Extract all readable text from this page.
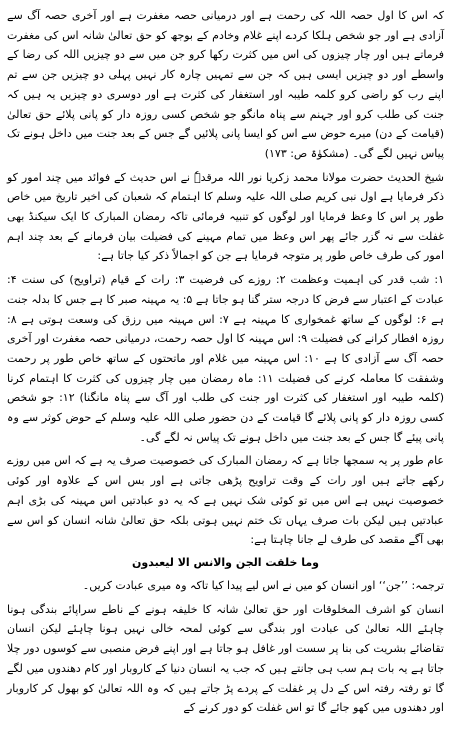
کہ اس کا اول حصہ اللہ کی رحمت ہے اور درمیانی حصہ مغفرت ہے اور آخری حصہ آگ سے آزادی ہے اور جو شخص ہلکا کردے اپنے غلام وخادم کے بوجھ کو حق تعالیٰ شانہ اس کی مغفرت فرماتے ہیں اور چار چیزوں کی اس میں کثرت رکھا کرو جن میں سے دو چیزیں اللہ کی رضا کے واسطے اور دو چیزیں ایسی ہیں کہ جن سے تمہیں چارہ کار نہیں پہلی دو چیزیں جن سے تم اپنے رب کو راضی کرو کلمہ طیبہ اور استغفار کی کثرت ہے اور دوسری دو چیزیں یہ ہیں کہ جنت کی طلب کرو اور جہنم سے پناہ مانگو جو شخص کسی روزہ دار کو پانی پلائے حق تعالیٰ (قیامت کے دن) میرے حوض سے اس کو ایسا پانی پلائیں گے جس کے بعد جنت میں داخل ہونے تک پیاس نہیں لگے گی۔ (مشکوٰۃ ص: ۱۷۳)

شیخ الحدیث حضرت مولانا محمد زکریا نور اللہ مرقدہٗ نے اس حدیث کے فوائد میں چند امور کو ذکر فرمایا ہے اول نبی کریم صلی اللہ علیہ وسلم کا اہتمام کہ شعبان کی اخیر تاریخ میں خاص طور پر اس کا وعظ فرمایا اور لوگوں کو تنبیہ فرمائی تاکہ رمضان المبارک کا ایک سیکنڈ بھی غفلت سے نہ گزر جائے پھر اس وعظ میں تمام مہینے کی فضیلت بیان فرمانے کے بعد چند اہم امور کی طرف خاص طور پر متوجہ فرمایا ہے جن کو اجمالاً ذکر کیا جاتا ہے:

۱: شب قدر کی اہمیت وعظمت ۲: روزے کی فرضیت ۳: رات کے قیام (تراویح) کی سنت ۴: عبادت کے اعتبار سے فرض کا درجہ ستر گنا ہو جاتا ہے ۵: یہ مہینہ صبر کا ہے جس کا بدلہ جنت ہے ۶: لوگوں کے ساتھ غمخواری کا مہینہ ہے ۷: اس مہینہ میں رزق کی وسعت ہوتی ہے ۸: روزہ افطار کرانے کی فضیلت ۹: اس مہینہ کا اول حصہ رحمت، درمیانی حصہ مغفرت اور آخری حصہ آگ سے آزادی کا ہے ۱۰: اس مہینہ میں غلام اور ماتحتوں کے ساتھ خاص طور پر رحمت وشفقت کا معاملہ کرنے کی فضیلت ۱۱: ماہ رمضان میں چار چیزوں کی کثرت کا اہتمام کرنا (کلمہ طیبہ اور استغفار کی کثرت اور جنت کی طلب اور آگ سے پناہ مانگنا) ۱۲: جو شخص کسی روزہ دار کو پانی پلائے گا قیامت کے دن حضور صلی اللہ علیہ وسلم کے حوض کوثر سے وہ پانی پیئے گا جس کے بعد جنت میں داخل ہونے تک پیاس نہ لگے گی۔

عام طور پر یہ سمجھا جاتا ہے کہ رمضان المبارک کی خصوصیت صرف یہ ہے کہ اس میں روزے رکھے جاتے ہیں اور رات کے وقت تراویح پڑھی جاتی ہے اور بس اس کے علاوہ اور کوئی خصوصیت نہیں ہے اس میں تو کوئی شک نہیں ہے کہ یہ دو عبادتیں اس مہینہ کی بڑی اہم عبادتیں ہیں لیکن بات صرف یہاں تک ختم نہیں ہوتی بلکہ حق تعالیٰ شانہ انسان کو اس سے بھی آگے مقصد کی طرف لے جانا چاہتا ہے:

وما خلقت الجن والانس الا لیعبدون

ترجمہ: ’’جن‘‘ اور انسان کو میں نے اس لیے پیدا کیا تاکہ وہ میری عبادت کریں۔

انسان کو اشرف المخلوقات اور حق تعالیٰ شانہ کا خلیفہ ہونے کے ناطے سراپائے بندگی ہونا چاہئے اللہ تعالیٰ کی عبادت اور بندگی سے کوئی لمحہ خالی نہیں ہونا چاہئے لیکن انسان تقاضائے بشریت کی بنا پر سست اور غافل ہو جاتا ہے اور اپنے فرض منصبی سے کوسوں دور چلا جاتا ہے یہ بات ہم سب ہی جانتے ہیں کہ جب یہ انسان دنیا کے کاروبار اور کام دھندوں میں لگے گا تو رفتہ رفتہ اس کے دل پر غفلت کے پردے پڑ جاتے ہیں کہ وہ اللہ تعالیٰ کو بھول کر کاروبار اور دھندوں میں کھو جائے گا تو اس غفلت کو دور کرنے کے
